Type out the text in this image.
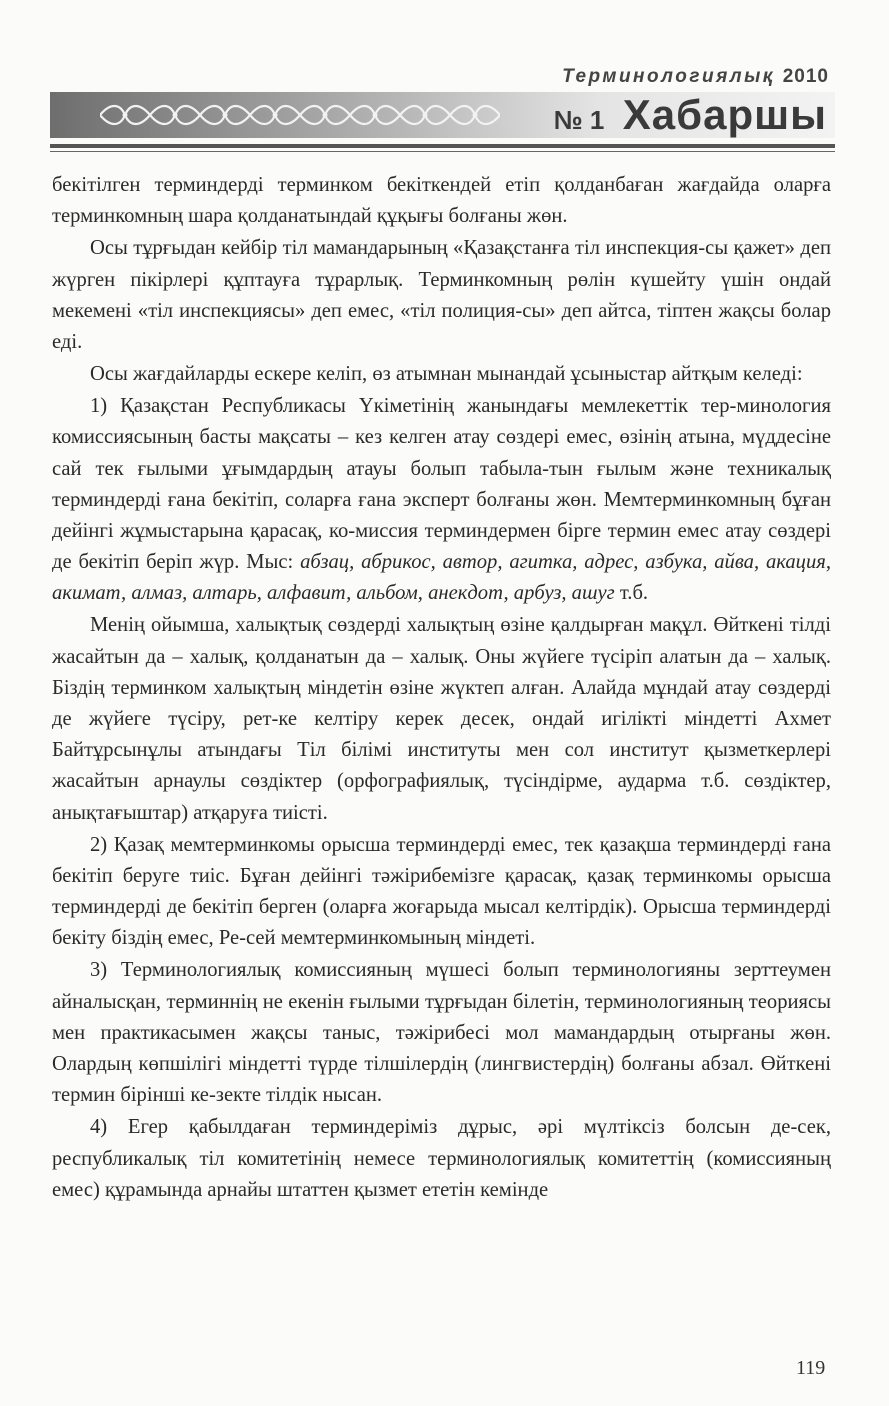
Терминологиялық 2010
№ 1 Хабаршы

бекітілген терминдерді терминком бекіткендей етіп қолданбаған жағдайда оларға терминкомның шара қолданатындай құқығы болғаны жөн.

Осы тұрғыдан кейбір тіл мамандарының «Қазақстанға тіл инспекция-сы қажет» деп жүрген пікірлері құптауға тұрарлық. Терминкомның рөлін күшейту үшін ондай мекемені «тіл инспекциясы» деп емес, «тіл полиция-сы» деп айтса, тіптен жақсы болар еді.

Осы жағдайларды ескере келіп, өз атымнан мынандай ұсыныстар айтқым келеді:

1) Қазақстан Республикасы Үкіметінің жанындағы мемлекеттік тер-минология комиссиясының басты мақсаты – кез келген атау сөздері емес, өзінің атына, мүддесіне сай тек ғылыми ұғымдардың атауы болып табыла-тын ғылым және техникалық терминдерді ғана бекітіп, соларға ғана эксперт болғаны жөн. Мемтерминкомның бұған дейінгі жұмыстарына қарасақ, ко-миссия терминдермен бірге термин емес атау сөздері де бекітіп беріп жүр. Мыс: абзац, абрикос, автор, агитка, адрес, азбука, айва, акация, акимат, алмаз, алтарь, алфавит, альбом, анекдот, арбуз, ашуг т.б.

Менің ойымша, халықтық сөздерді халықтың өзіне қалдырған мақұл. Өйткені тілді жасайтын да – халық, қолданатын да – халық. Оны жүйеге түсіріп алатын да – халық. Біздің терминком халықтың міндетін өзіне жүктеп алған. Алайда мұндай атау сөздерді де жүйеге түсіру, рет-ке келтіру керек десек, ондай игілікті міндетті Ахмет Байтұрсынұлы атындағы Тіл білімі институты мен сол институт қызметкерлері жасайтын арнаулы сөздіктер (орфографиялық, түсіндірме, аударма т.б. сөздіктер, анықтағыштар) атқаруға тиісті.

2) Қазақ мемтерминкомы орысша терминдерді емес, тек қазақша терминдерді ғана бекітіп беруге тиіс. Бұған дейінгі тәжірибемізге қарасақ, қазақ терминкомы орысша терминдерді де бекітіп берген (оларға жоғарыда мысал келтірдік). Орысша терминдерді бекіту біздің емес, Ре-сей мемтерминкомының міндеті.

3) Терминологиялық комиссияның мүшесі болып терминологияны зерттеумен айналысқан, терминнің не екенін ғылыми тұрғыдан білетін, терминологияның теориясы мен практикасымен жақсы таныс, тәжірибесі мол мамандардың отырғаны жөн. Олардың көпшілігі міндетті түрде тілшілердің (лингвистердің) болғаны абзал. Өйткені термин бірінші ке-зекте тілдік нысан.

4) Егер қабылдаған терминдеріміз дұрыс, әрі мүлтіксіз болсын де-сек, республикалық тіл комитетінің немесе терминологиялық комитеттің (комиссияның емес) құрамында арнайы штаттен қызмет ететін кемінде

119
